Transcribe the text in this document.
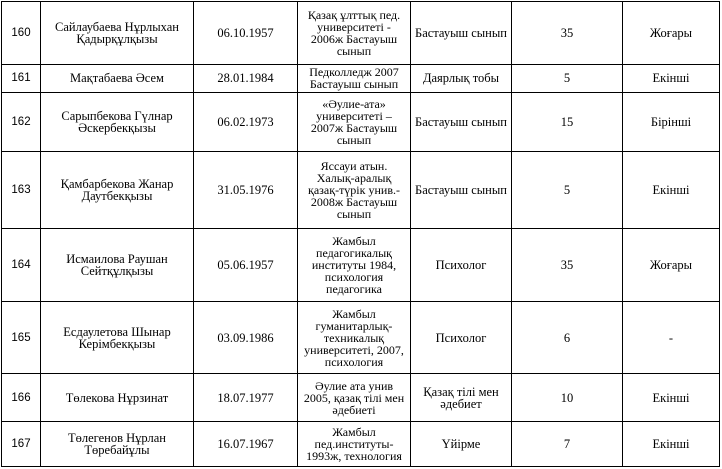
160	Сайлаубаева Нұрлыхан Қадырқұлқызы	06.10.1957	Қазақ ұлттық пед. университеті - 2006ж Бастауыш сынып	Бастауыш сынып	35	Жоғары
161	Мақтабаева Әсем	28.01.1984	Педколледж 2007 Бастауыш сынып	Даярлық тобы	5	Екінші
162	Сарыпбекова Гүлнар Әскербекқызы	06.02.1973	«Әулие-ата» университеті – 2007ж Бастауыш сынып	Бастауыш сынып	15	Бірінші
163	Қамбарбекова Жанар Даутбекқызы	31.05.1976	Яссауи атын. Халық-аралық қазақ-түрік унив.- 2008ж Бастауыш сынып	Бастауыш сынып	5	Екінші
164	Исмаилова Раушан Сейтқұлқызы	05.06.1957	Жамбыл педагогикалық институты 1984, психология педагогика	Психолог	35	Жоғары
165	Есдаулетова Шынар Керімбекқызы	03.09.1986	Жамбыл гуманитарлық-техникалық университеті, 2007, психология	Психолог	6	-
166	Төлекова Нұрзинат	18.07.1977	Әулие ата унив 2005, қазақ тілі мен әдебиеті	Қазақ тілі мен әдебиет	10	Екінші
167	Төлегенов Нұрлан Төребайұлы	16.07.1967	Жамбыл пед.институты- 1993ж, технология	Үйірме	7	Екінші
